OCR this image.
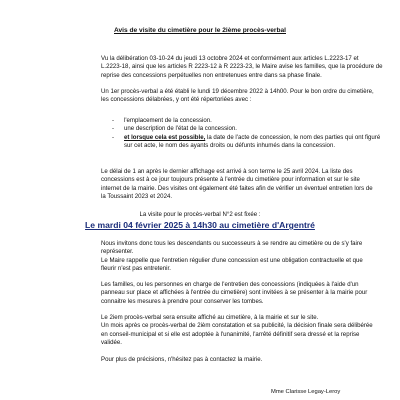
Avis de visite du cimetière pour le 2ième procès-verbal

Vu la délibération 03-10-24 du jeudi 13 octobre 2024 et conformément aux articles L.2223-17 et
L.2223-18, ainsi que les articles R 2223-12 à R 2223-23, le Maire avise les familles, que la procédure de
reprise des concessions perpétuelles non entretenues entre dans sa phase finale.

Un 1er procès-verbal a été établi le lundi 19 décembre 2022 à 14h00. Pour le bon ordre du cimetière,
les concessions délabrées, y ont été répertoriées avec :

- l'emplacement de la concession.
- une description de l'état de la concession.
- et lorsque cela est possible, la date de l'acte de concession, le nom des parties qui ont figuré
sur cet acte, le nom des ayants droits ou défunts inhumés dans la concession.

Le délai de 1 an après le dernier affichage est arrivé à son terme le 25 avril 2024. La liste des
concessions est à ce jour toujours présente à l'entrée du cimetière pour information et sur le site
internet de la mairie. Des visites ont également été faites afin de vérifier un éventuel entretien lors de
la Toussaint 2023 et 2024.

La visite pour le procès-verbal N°2 est fixée :
Le mardi 04 février 2025 à 14h30 au cimetière d'Argentré

Nous invitons donc tous les descendants ou successeurs à se rendre au cimetière ou de s'y faire
représenter.
Le Maire rappelle que l'entretien régulier d'une concession est une obligation contractuelle et que
fleurir n'est pas entretenir.

Les familles, ou les personnes en charge de l'entretien des concessions (indiquées à l'aide d'un
panneau sur place et affichées à l'entrée du cimetière) sont invitées à se présenter à la mairie pour
connaitre les mesures à prendre pour conserver les tombes.

Le 2iem procès-verbal sera ensuite affiché au cimetière, à la mairie et sur le site.
Un mois après ce procès-verbal de 2ièm constatation et sa publicité, la décision finale sera délibérée
en conseil-municipal et si elle est adoptée à l'unanimité, l'arrêté définitif sera dressé et la reprise
validée.

Pour plus de précisions, n'hésitez pas à contactez la mairie.

Mme Clarisse Legay-Leroy
